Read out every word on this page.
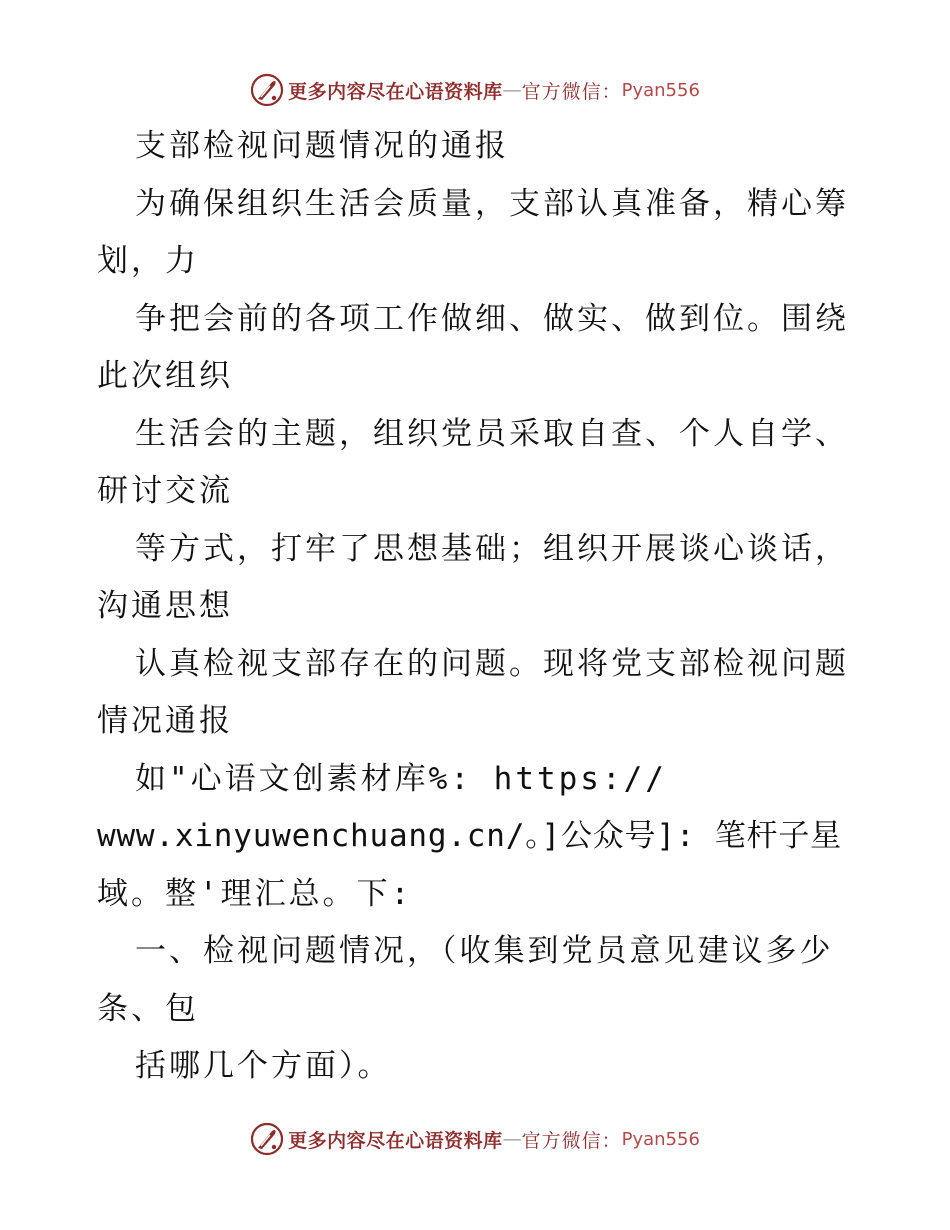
更多内容尽在心语资料库 — 官方微信： Pyan556
支部检视问题情况的通报
为确保组织生活会质量，支部认真准备，精心筹
划，力
争把会前的各项工作做细、做实、做到位。围绕
此次组织
生活会的主题，组织党员采取自查、个人自学、
研讨交流
等方式，打牢了思想基础；组织开展谈心谈话，
沟通思想
认真检视支部存在的问题。现将党支部检视问题
情况通报
如"心语文创素材库%: https://
www.xinyuwenchuang.cn/。]公众号]: 笔杆子星
域。整'理汇总。下:
一、检视问题情况，（收集到党员意见建议多少
条、包
括哪几个方面）。
更多内容尽在心语资料库 — 官方微信： Pyan556
